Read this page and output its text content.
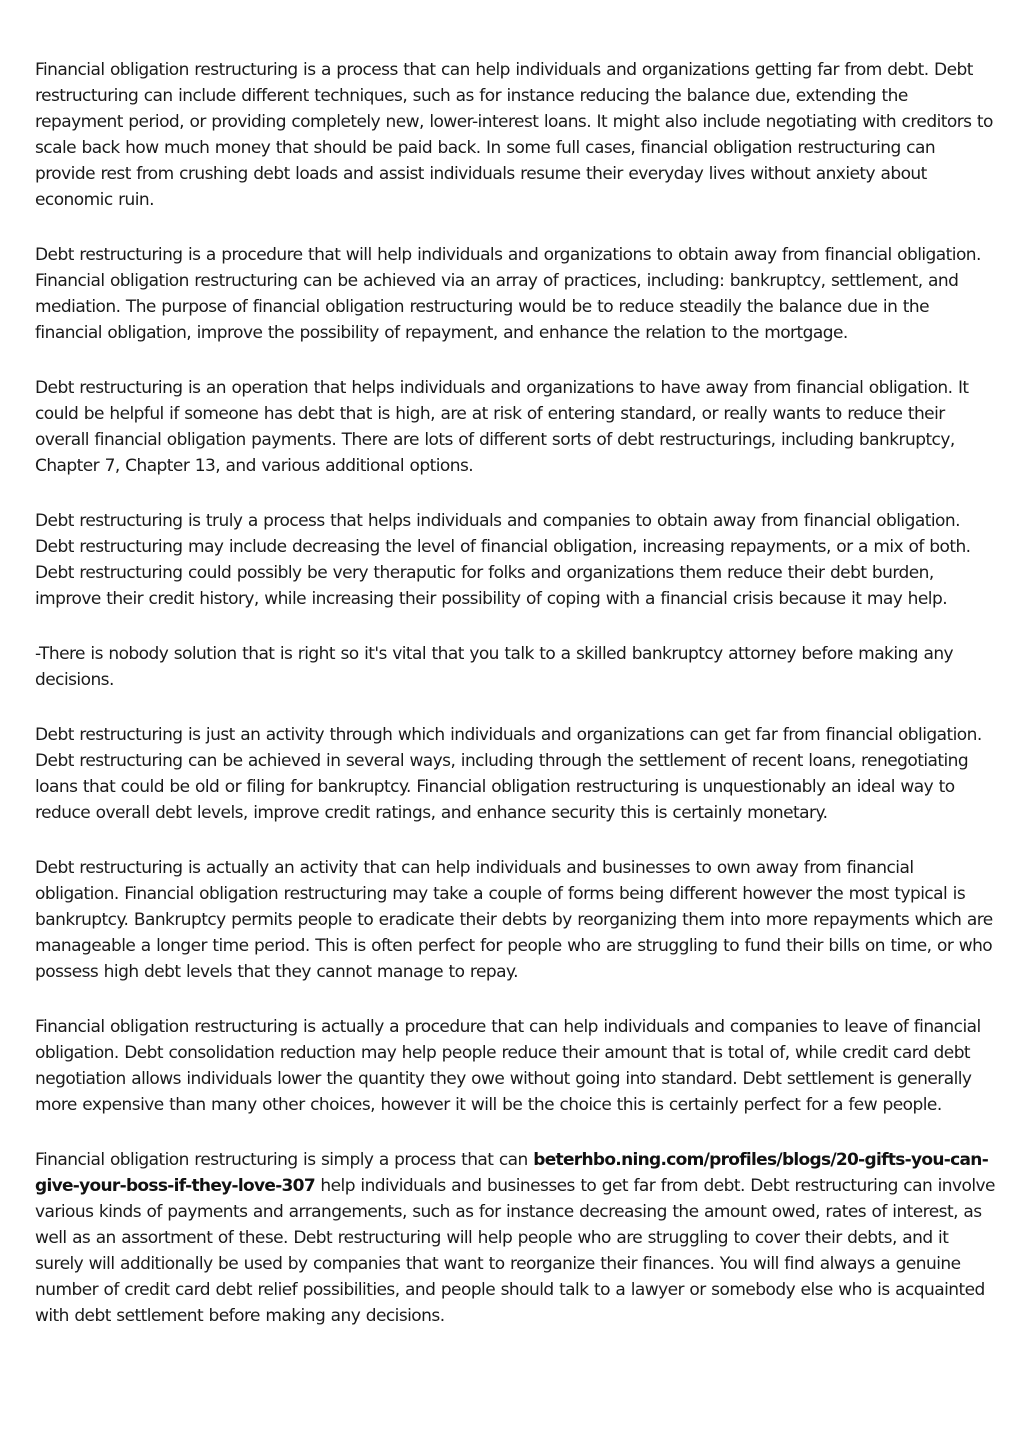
Financial obligation restructuring is a process that can help individuals and organizations getting far from debt. Debt restructuring can include different techniques, such as for instance reducing the balance due, extending the repayment period, or providing completely new, lower-interest loans. It might also include negotiating with creditors to scale back how much money that should be paid back. In some full cases, financial obligation restructuring can provide rest from crushing debt loads and assist individuals resume their everyday lives without anxiety about economic ruin.

Debt restructuring is a procedure that will help individuals and organizations to obtain away from financial obligation. Financial obligation restructuring can be achieved via an array of practices, including: bankruptcy, settlement, and mediation. The purpose of financial obligation restructuring would be to reduce steadily the balance due in the financial obligation, improve the possibility of repayment, and enhance the relation to the mortgage.

Debt restructuring is an operation that helps individuals and organizations to have away from financial obligation. It could be helpful if someone has debt that is high, are at risk of entering standard, or really wants to reduce their overall financial obligation payments. There are lots of different sorts of debt restructurings, including bankruptcy, Chapter 7, Chapter 13, and various additional options.

Debt restructuring is truly a process that helps individuals and companies to obtain away from financial obligation. Debt restructuring may include decreasing the level of financial obligation, increasing repayments, or a mix of both. Debt restructuring could possibly be very theraputic for folks and organizations them reduce their debt burden, improve their credit history, while increasing their possibility of coping with a financial crisis because it may help.

-There is nobody solution that is right so it's vital that you talk to a skilled bankruptcy attorney before making any decisions.

Debt restructuring is just an activity through which individuals and organizations can get far from financial obligation. Debt restructuring can be achieved in several ways, including through the settlement of recent loans, renegotiating loans that could be old or filing for bankruptcy. Financial obligation restructuring is unquestionably an ideal way to reduce overall debt levels, improve credit ratings, and enhance security this is certainly monetary.

Debt restructuring is actually an activity that can help individuals and businesses to own away from financial obligation. Financial obligation restructuring may take a couple of forms being different however the most typical is bankruptcy. Bankruptcy permits people to eradicate their debts by reorganizing them into more repayments which are manageable a longer time period. This is often perfect for people who are struggling to fund their bills on time, or who possess high debt levels that they cannot manage to repay.

Financial obligation restructuring is actually a procedure that can help individuals and companies to leave of financial obligation. Debt consolidation reduction may help people reduce their amount that is total of, while credit card debt negotiation allows individuals lower the quantity they owe without going into standard. Debt settlement is generally more expensive than many other choices, however it will be the choice this is certainly perfect for a few people.

Financial obligation restructuring is simply a process that can beterhbo.ning.com/profiles/blogs/20-gifts-you-can-give-your-boss-if-they-love-307 help individuals and businesses to get far from debt. Debt restructuring can involve various kinds of payments and arrangements, such as for instance decreasing the amount owed, rates of interest, as well as an assortment of these. Debt restructuring will help people who are struggling to cover their debts, and it surely will additionally be used by companies that want to reorganize their finances. You will find always a genuine number of credit card debt relief possibilities, and people should talk to a lawyer or somebody else who is acquainted with debt settlement before making any decisions.
